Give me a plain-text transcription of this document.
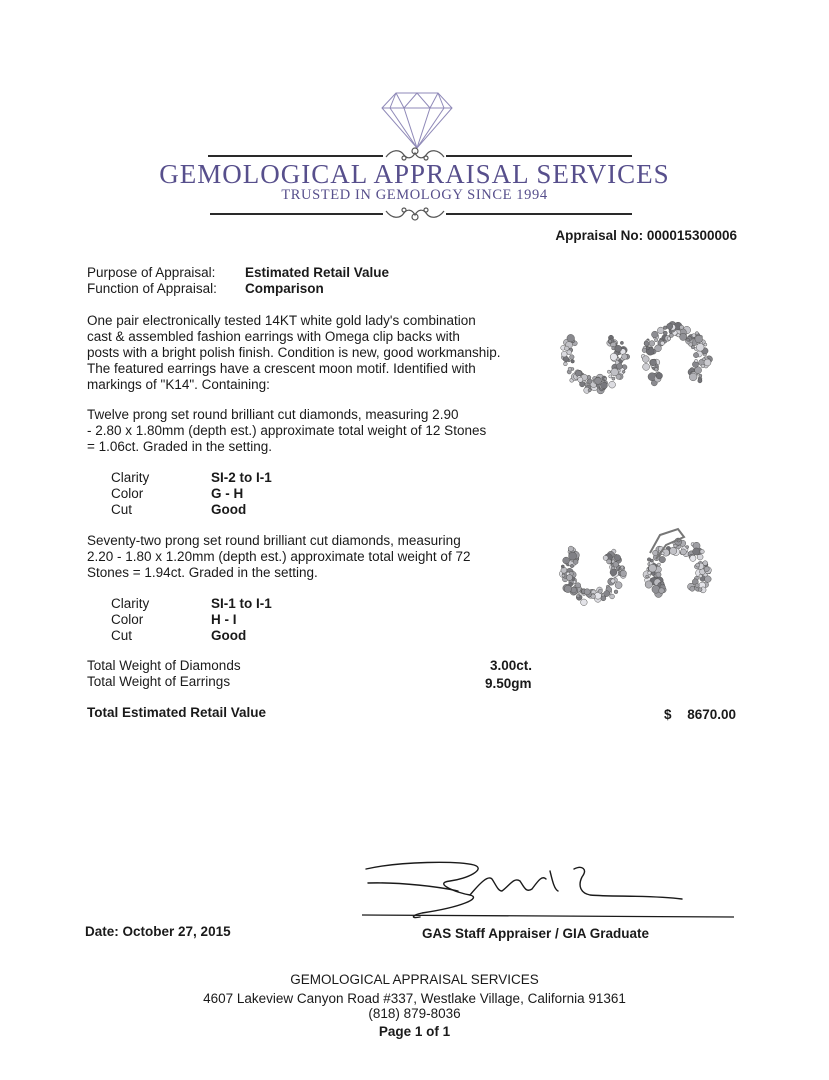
GEMOLOGICAL APPRAISAL SERVICES
TRUSTED IN GEMOLOGY SINCE 1994
Appraisal No: 000015300006
Purpose of Appraisal: Estimated Retail Value
Function of Appraisal: Comparison
One pair electronically tested 14KT white gold lady's combination
cast & assembled fashion earrings with Omega clip backs with
posts with a bright polish finish. Condition is new, good workmanship.
The featured earrings have a crescent moon motif. Identified with
markings of "K14". Containing:
Twelve prong set round brilliant cut diamonds, measuring 2.90
- 2.80 x 1.80mm (depth est.) approximate total weight of 12 Stones
= 1.06ct. Graded in the setting.
Clarity	SI-2 to I-1
Color	G - H
Cut	Good
Seventy-two prong set round brilliant cut diamonds, measuring
2.20 - 1.80 x 1.20mm (depth est.) approximate total weight of 72
Stones = 1.94ct. Graded in the setting.
Clarity	SI-1 to I-1
Color	H - I
Cut	Good
Total Weight of Diamonds	3.00ct.
Total Weight of Earrings	9.50gm
Total Estimated Retail Value	$ 8670.00
Date: October 27, 2015	GAS Staff Appraiser / GIA Graduate
GEMOLOGICAL APPRAISAL SERVICES
4607 Lakeview Canyon Road #337, Westlake Village, California 91361
(818) 879-8036
Page 1 of 1
